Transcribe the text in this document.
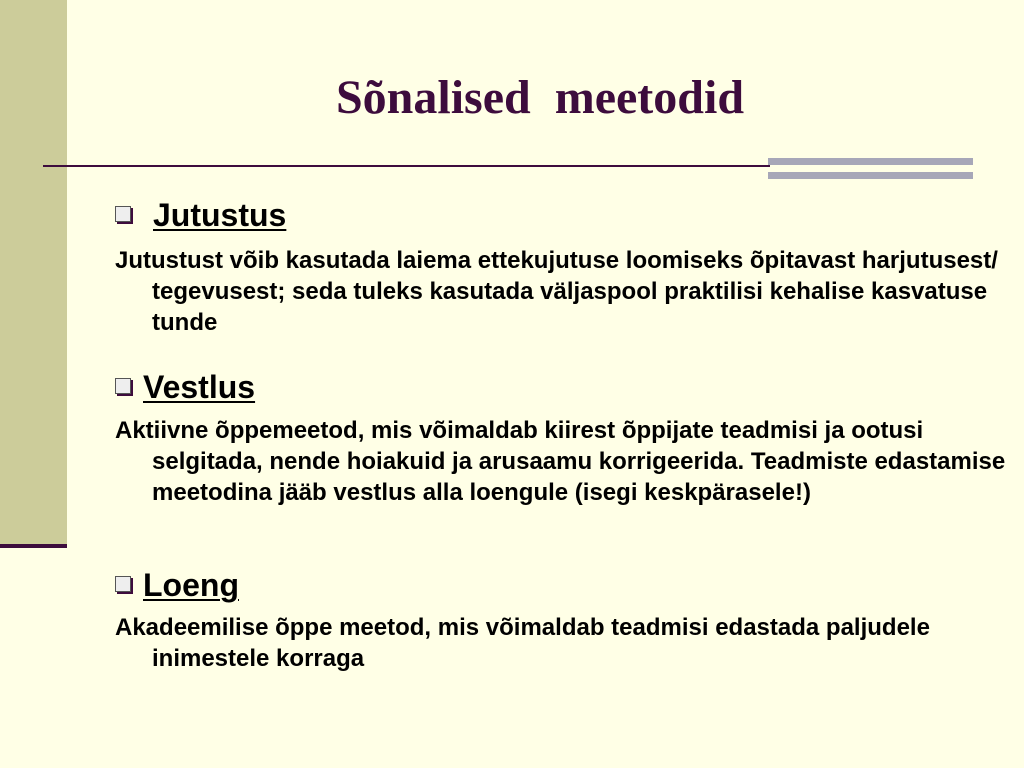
Sõnalised  meetodid
Jutustus

Jutustust võib kasutada laiema ettekujutuse loomiseks õpitavast harjutusest/ tegevusest; seda tuleks kasutada väljaspool praktilisi kehalise kasvatuse tunde

Vestlus

Aktiivne õppemeetod, mis võimaldab kiirest õppijate teadmisi ja ootusi selgitada, nende hoiakuid ja arusaamu korrigeerida. Teadmiste edastamise meetodina jääb vestlus alla loengule (isegi keskpärasele!)

Loeng

Akadeemilise õppe meetod, mis võimaldab teadmisi edastada paljudele inimestele korraga
